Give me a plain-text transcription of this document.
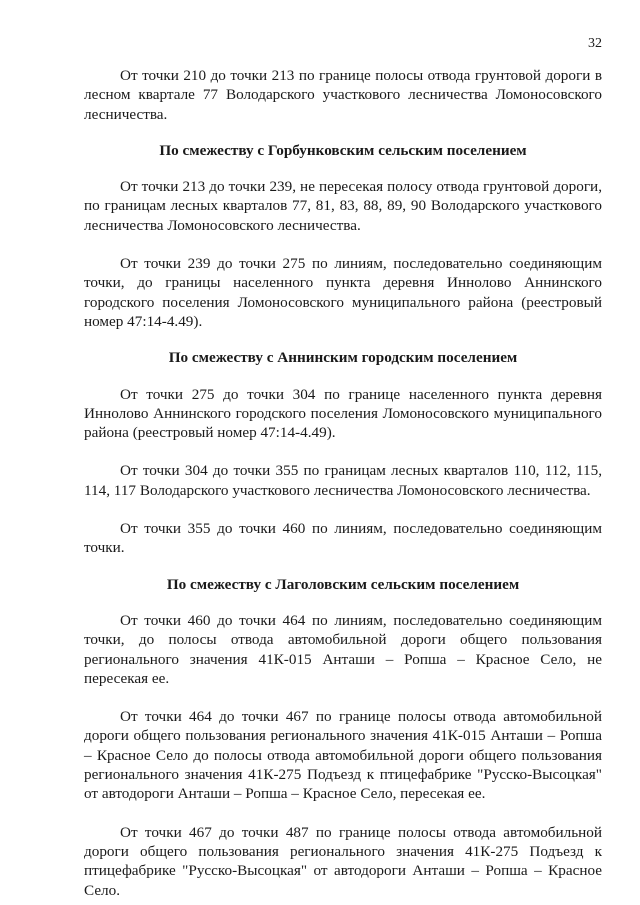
32

От точки 210 до точки 213 по границе полосы отвода грунтовой дороги в лесном квартале 77 Володарского участкового лесничества Ломоносовского лесничества.

По смежеству с Горбунковским сельским поселением

От точки 213 до точки 239, не пересекая полосу отвода грунтовой дороги, по границам лесных кварталов 77, 81, 83, 88, 89, 90 Володарского участкового лесничества Ломоносовского лесничества.

От точки 239 до точки 275 по линиям, последовательно соединяющим точки, до границы населенного пункта деревня Иннолово Аннинского городского поселения Ломоносовского муниципального района (реестровый номер 47:14-4.49).

По смежеству с Аннинским городским поселением

От точки 275 до точки 304 по границе населенного пункта деревня Иннолово Аннинского городского поселения Ломоносовского муниципального района (реестровый номер 47:14-4.49).

От точки 304 до точки 355 по границам лесных кварталов 110, 112, 115, 114, 117 Володарского участкового лесничества Ломоносовского лесничества.

От точки 355 до точки 460 по линиям, последовательно соединяющим точки.

По смежеству с Лаголовским сельским поселением

От точки 460 до точки 464 по линиям, последовательно соединяющим точки, до полосы отвода автомобильной дороги общего пользования регионального значения 41К-015 Анташи – Ропша – Красное Село, не пересекая ее.

От точки 464 до точки 467 по границе полосы отвода автомобильной дороги общего пользования регионального значения 41К-015 Анташи – Ропша – Красное Село до полосы отвода автомобильной дороги общего пользования регионального значения 41К-275 Подъезд к птицефабрике "Русско-Высоцкая" от автодороги Анташи – Ропша – Красное Село, пересекая ее.

От точки 467 до точки 487 по границе полосы отвода автомобильной дороги общего пользования регионального значения 41К-275 Подъезд к птицефабрике "Русско-Высоцкая" от автодороги Анташи – Ропша – Красное Село.
